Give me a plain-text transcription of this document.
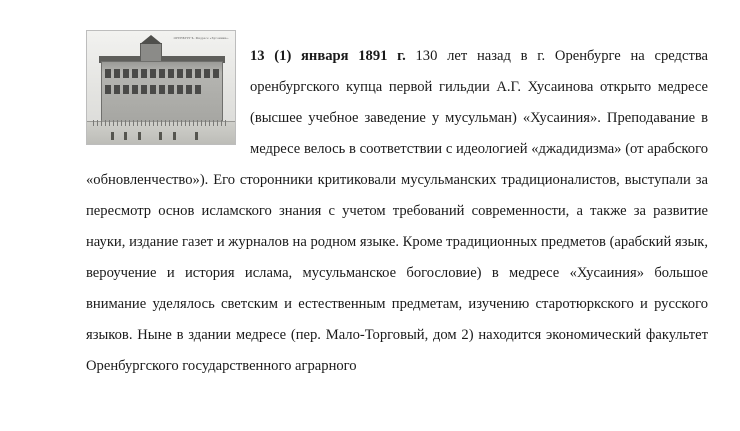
ОРЕНБУРГЪ. Медресе «Хусаиния».

13 (1) января 1891 г. 130 лет назад в г. Оренбурге на средства оренбургского купца первой гильдии А.Г. Хусаинова открыто медресе (высшее учебное заведение у мусульман) «Хусаиния». Преподавание в медресе велось в соответствии с идеологией «джадидизма» (от арабского «обновленчество»). Его сторонники критиковали мусульманских традиционалистов, выступали за пересмотр основ исламского знания с учетом требований современности, а также за развитие науки, издание газет и журналов на родном языке. Кроме традиционных предметов (арабский язык, вероучение и история ислама, мусульманское богословие) в медресе «Хусаиния» большое внимание уделялось светским и естественным предметам, изучению старотюркского и русского языков. Ныне в здании медресе (пер. Мало-Торговый, дом 2) находится экономический факультет Оренбургского государственного аграрного
